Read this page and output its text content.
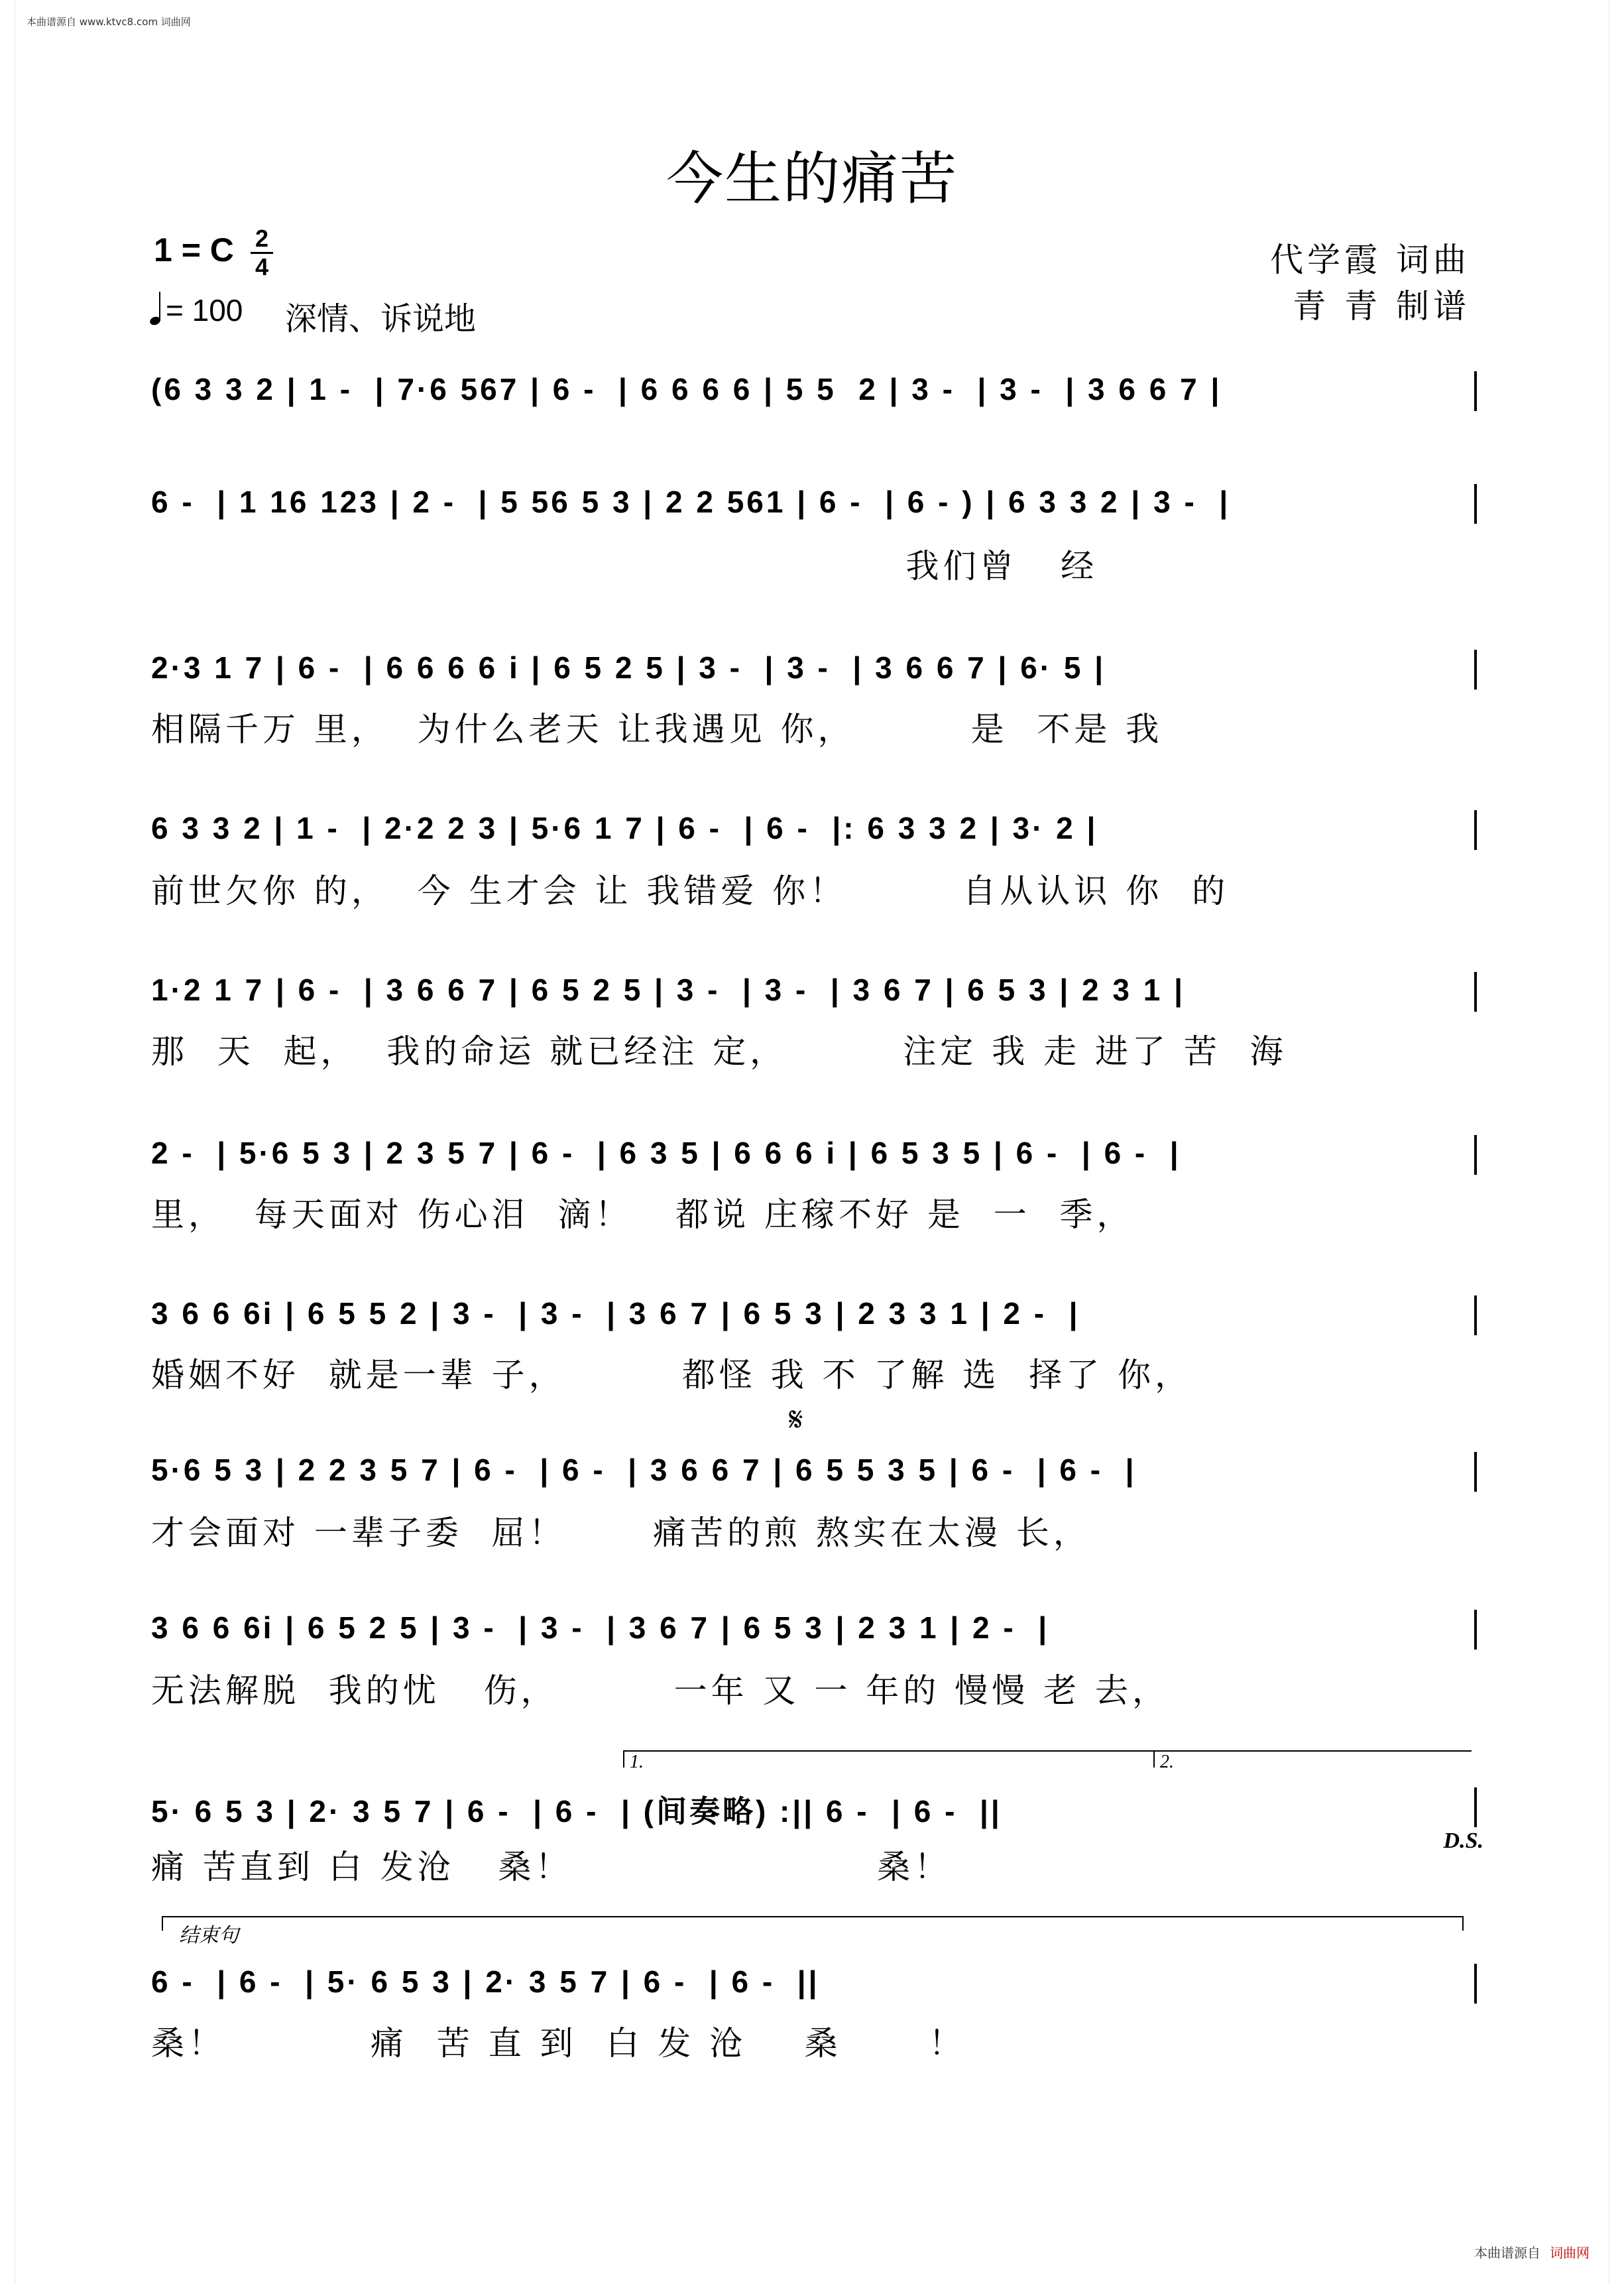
本曲谱源自 www.ktvc8.com 词曲网
今生的痛苦
1 = C 2
4
= 100 深情、诉说地
代学霞 词曲
青 青 制谱
(6 3 3 2 | 1 -  | 7·6 567 | 6 -  | 6 6 6 6 | 5 5  2 | 3 -  | 3 -  | 3 6 6 7 |
6 -  | 1 16 123 | 2 -  | 5 56 5 3 | 2 2 561 | 6 -  | 6 - ) | 6 3 3 2 | 3 -  |
我们曾   经
2·3 1 7 | 6 -  | 6 6 6 6 i | 6 5 2 5 | 3 -  | 3 -  | 3 6 6 7 | 6· 5 |
相隔千万 里，  为什么老天 让我遇见 你，        是  不是 我
6 3 3 2 | 1 -  | 2·2 2 3 | 5·6 1 7 | 6 -  | 6 -  |: 6 3 3 2 | 3· 2 |
前世欠你 的，  今 生才会 让 我错爱 你！        自从认识 你  的
1·2 1 7 | 6 -  | 3 6 6 7 | 6 5 2 5 | 3 -  | 3 -  | 3 6 7 | 6 5 3 | 2 3 1 |
那  天  起，  我的命运 就已经注 定，        注定 我 走 进了 苦  海
2 -  | 5·6 5 3 | 2 3 5 7 | 6 -  | 6 3 5 | 6 6 6 i | 6 5 3 5 | 6 -  | 6 -  |
里，  每天面对 伤心泪  滴！   都说 庄稼不好 是  一  季，
3 6 6 6i | 6 5 5 2 | 3 -  | 3 -  | 3 6 7 | 6 5 3 | 2 3 3 1 | 2 -  |
婚姻不好  就是一辈 子，        都怪 我 不 了解 选  择了 你，
𝄋
5·6 5 3 | 2 2 3 5 7 | 6 -  | 6 -  | 3 6 6 7 | 6 5 5 3 5 | 6 -  | 6 -  |
才会面对 一辈子委  屈！      痛苦的煎 熬实在太漫 长，
3 6 6 6i | 6 5 2 5 | 3 -  | 3 -  | 3 6 7 | 6 5 3 | 2 3 1 | 2 -  |
无法解脱  我的忧   伤，        一年 又 一 年的 慢慢 老 去，
1.	2.
5· 6 5 3 | 2· 3 5 7 | 6 -  | 6 -  | (间奏略) :|| 6 -  | 6 -  ||
痛 苦直到 白 发沧   桑！                     桑！
D.S.
结束句
6 -  | 6 -  | 5· 6 5 3 | 2· 3 5 7 | 6 -  | 6 -  ||
桑！          痛  苦 直 到  白 发 沧    桑      ！
本曲谱源自 词曲网
